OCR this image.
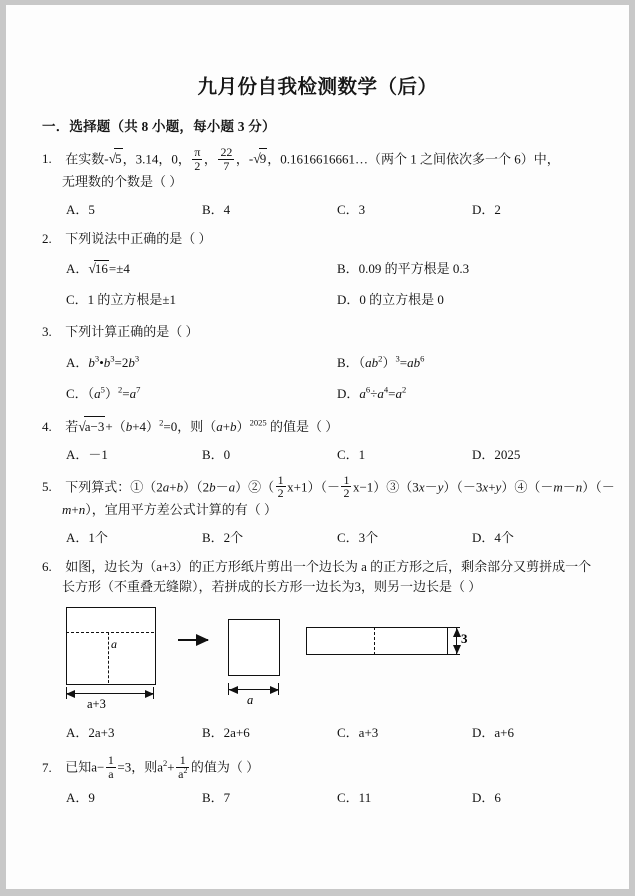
九月份自我检测数学（后）
一．选择题（共 8 小题，每小题 3 分）
1. 在实数-√5，3.14，0， $\frac{\pi}{2}$ ， $\frac{22}{7}$ ，-√9，0.1616616661…（两个 1 之间依次多一个 6）中，
无理数的个数是（ ）
A．5	B．4	C．3	D．2
2. 下列说法中正确的是（ ）
A．√16=±4	B．0.09 的平方根是 0.3
C．1 的立方根是±1	D．0 的立方根是 0
3. 下列计算正确的是（ ）
A．$b^3•b^3=2b^3$	B．$(ab^2)^3=ab^6$
C．$(a^5)^2=a^7$	D．$a^6\div a^4=a^2$
4. 若$√a-3+(b+4)^2=0$，则$(a+b)^{2025}$ 的值是（ ）
A．－1	B．0	C．1	D．2025
5. 下列算式：①（2a+b）（2b－a）②（ $\frac{1}{2} x+1)(- \frac{1}{2}$ x−1）③（3x－y）（－3x+y）④（－m－n）（－
m+n），宜用平方差公式计算的有（ ）
A．1个	B．2个	C．3个	D．4个
6. 如图，边长为（a+3）的正方形纸片剪出一个边长为 a 的正方形之后，剩余部分又剪拼成一个
长方形（不重叠无缝隙），若拼成的长方形一边长为3，则另一边长是（ ）
a
a+3	a
3
A．2a+3	B．2a+6	C．a+3	D．a+6
7. 已知$a- \frac{1}{a} =3$，则$a^2+ \frac{1}{a^2}$ 的值为（ ）
A．9	B．7	C．11	D．6
